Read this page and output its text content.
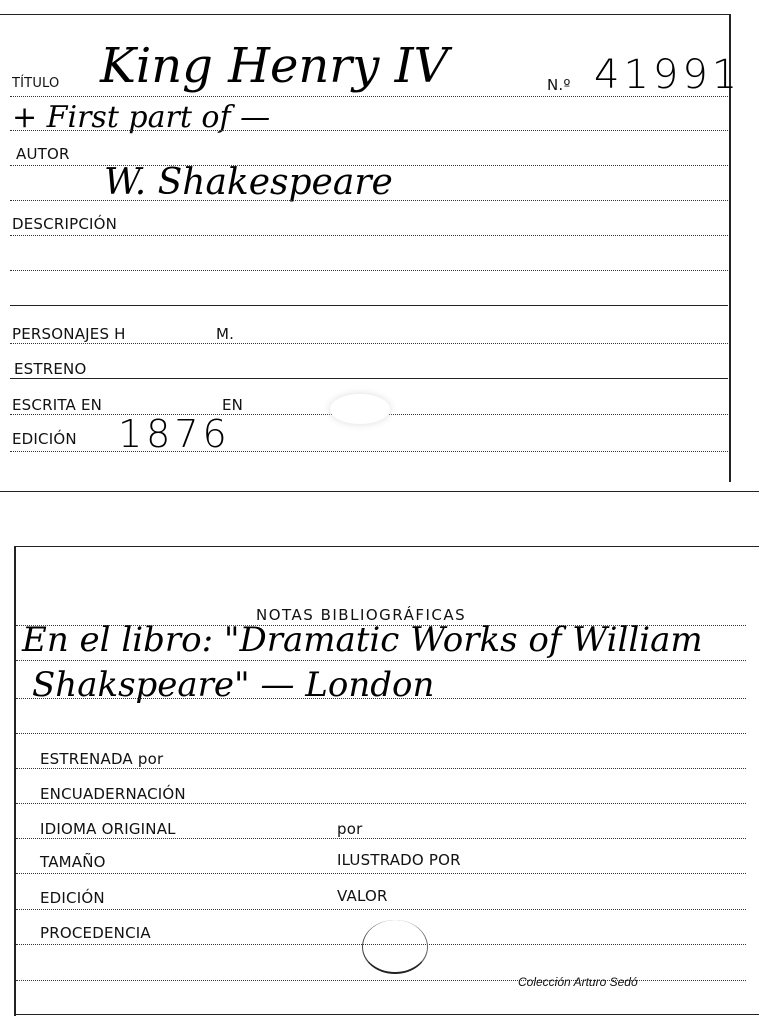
TÍTULO King Henry IV	N.º 41991
+ First part of —
AUTOR
W. Shakespeare
DESCRIPCIÓN
PERSONAJES H	M.
ESTRENO
ESCRITA EN	EN
EDICIÓN 1876
NOTAS BIBLIOGRÁFICAS
En el libro: "Dramatic Works of William
Shakspeare" — London
ESTRENADA por
ENCUADERNACIÓN
IDIOMA ORIGINAL	por
TAMAÑO	ILUSTRADO POR
EDICIÓN	VALOR
PROCEDENCIA
Colección Arturo Sedó
